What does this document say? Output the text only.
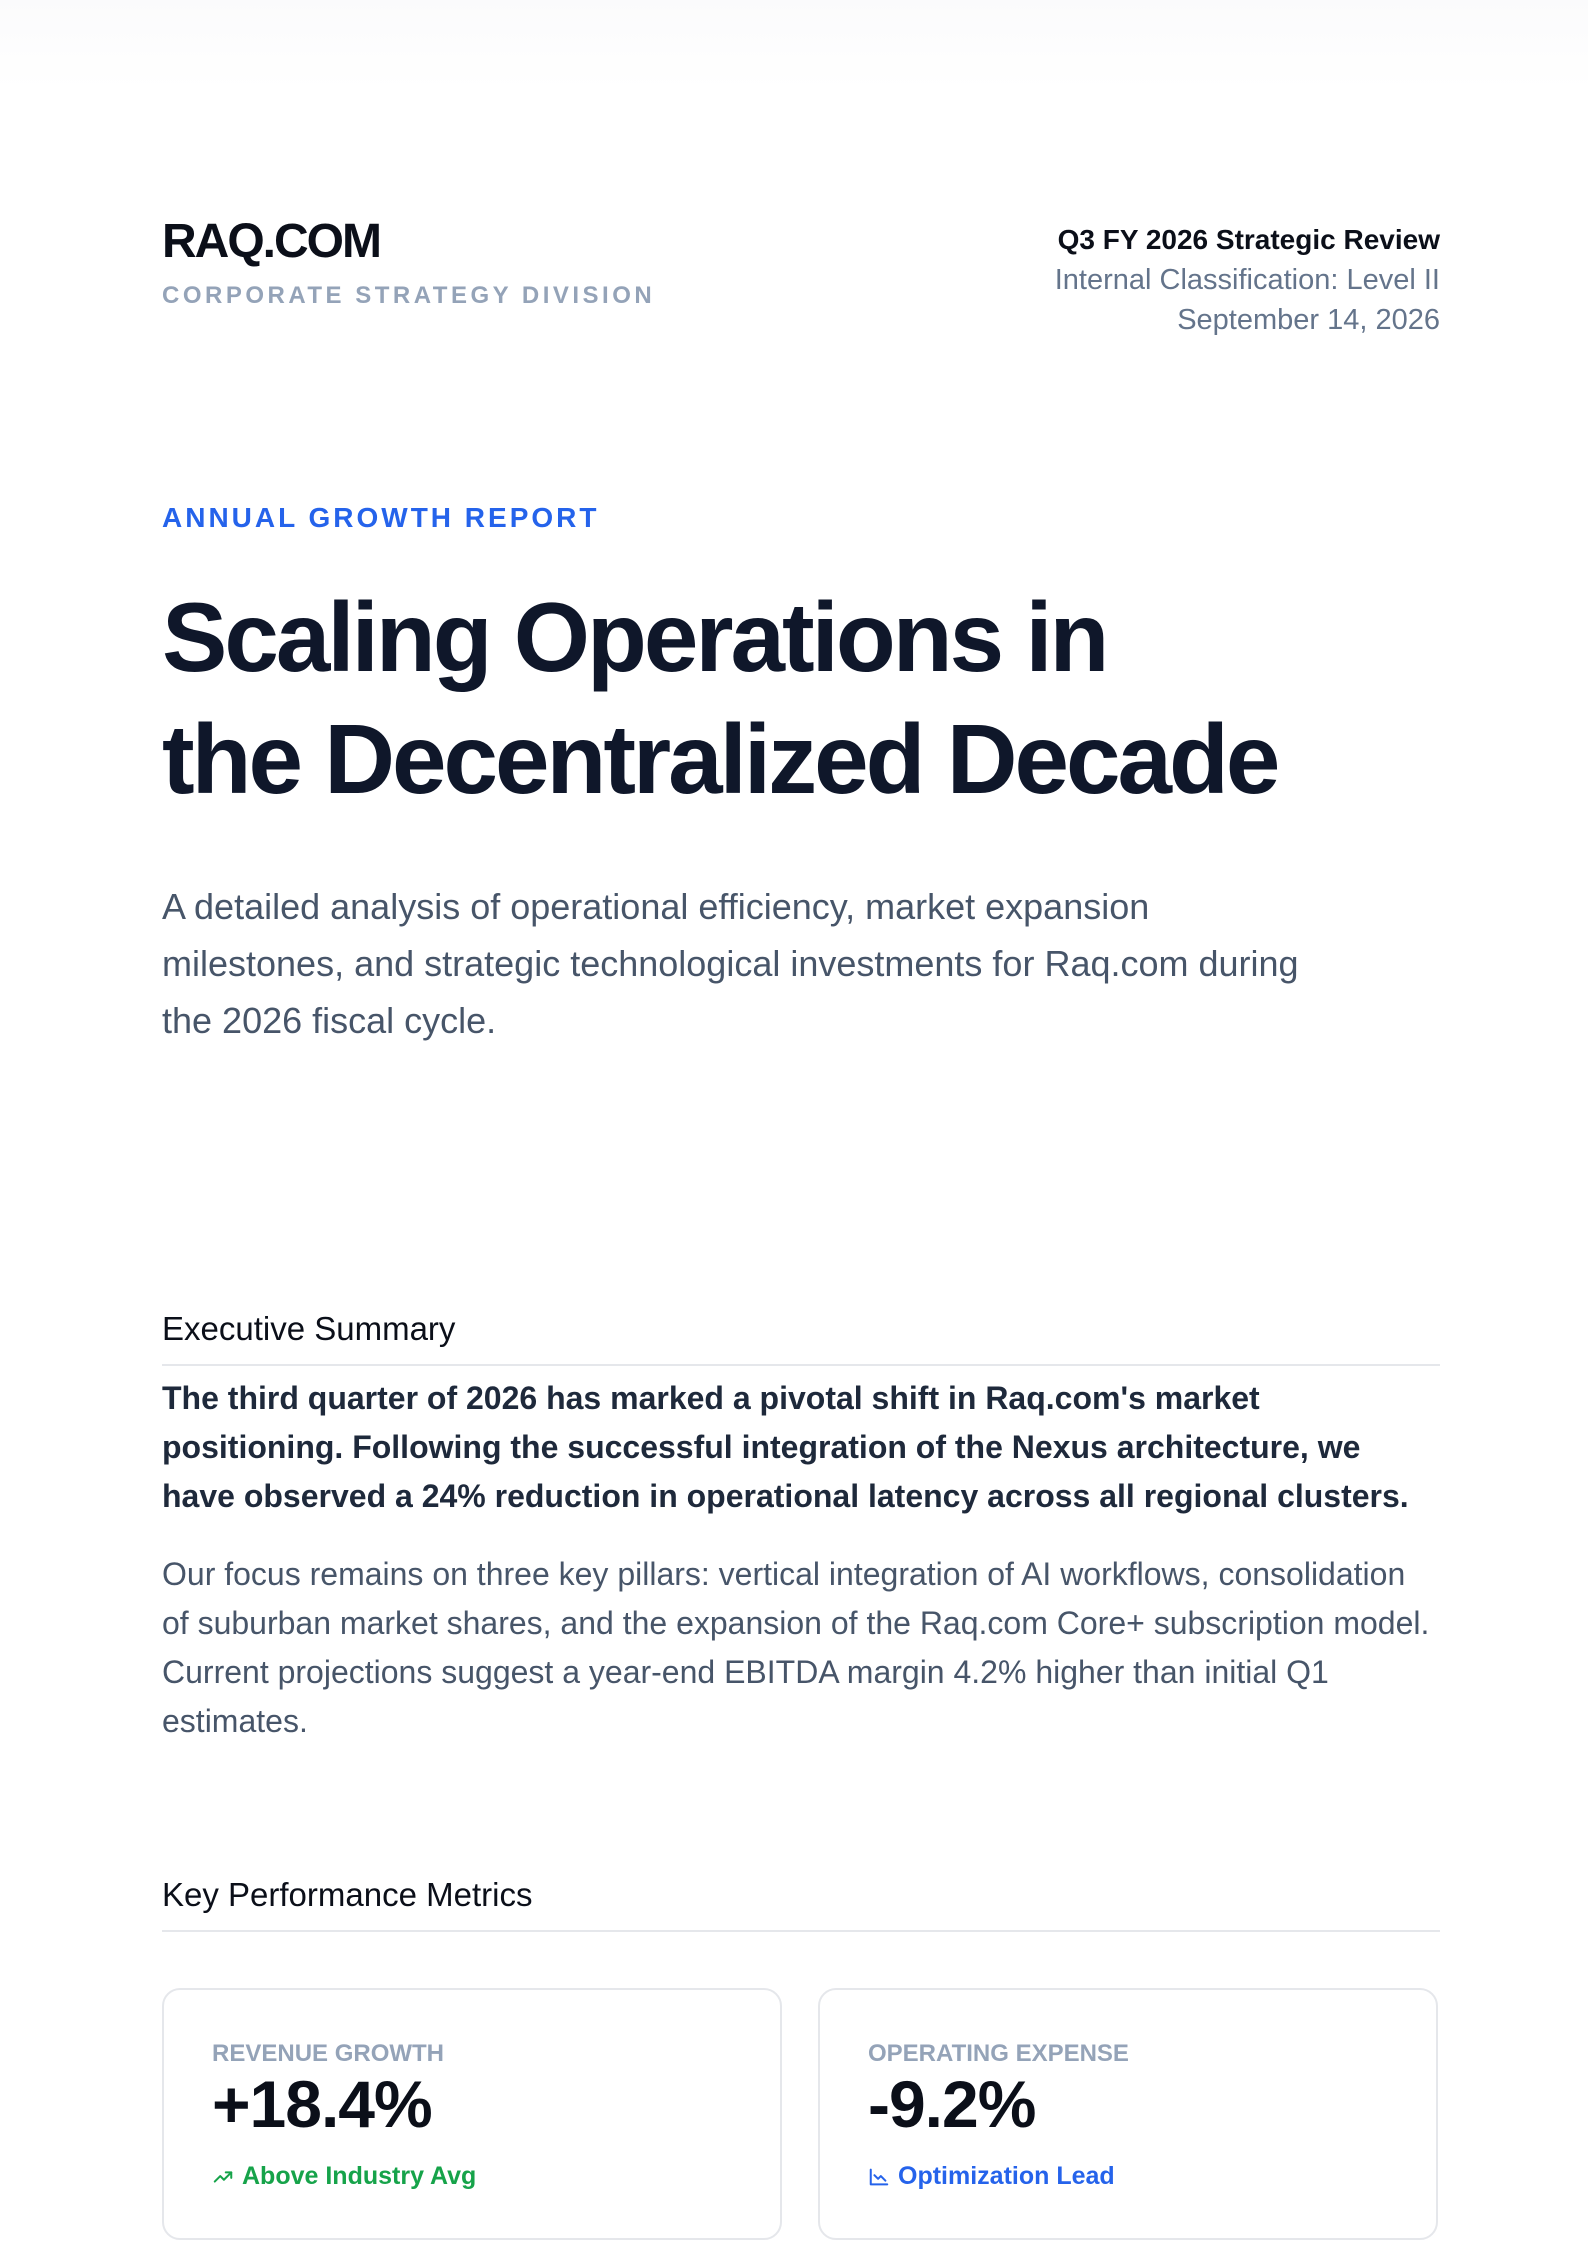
RAQ.COM
CORPORATE STRATEGY DIVISION
Q3 FY 2026 Strategic Review
Internal Classification: Level II
September 14, 2026
ANNUAL GROWTH REPORT
Scaling Operations in
the Decentralized Decade

A detailed analysis of operational efficiency, market expansion milestones, and strategic technological investments for Raq.com during the 2026 fiscal cycle.

Executive Summary

The third quarter of 2026 has marked a pivotal shift in Raq.com's market positioning. Following the successful integration of the Nexus architecture, we have observed a 24% reduction in operational latency across all regional clusters.

Our focus remains on three key pillars: vertical integration of AI workflows, consolidation of suburban market shares, and the expansion of the Raq.com Core+ subscription model. Current projections suggest a year-end EBITDA margin 4.2% higher than initial Q1 estimates.

Key Performance Metrics
REVENUE GROWTH
+18.4%
Above Industry Avg
OPERATING EXPENSE
-9.2%
Optimization Lead
